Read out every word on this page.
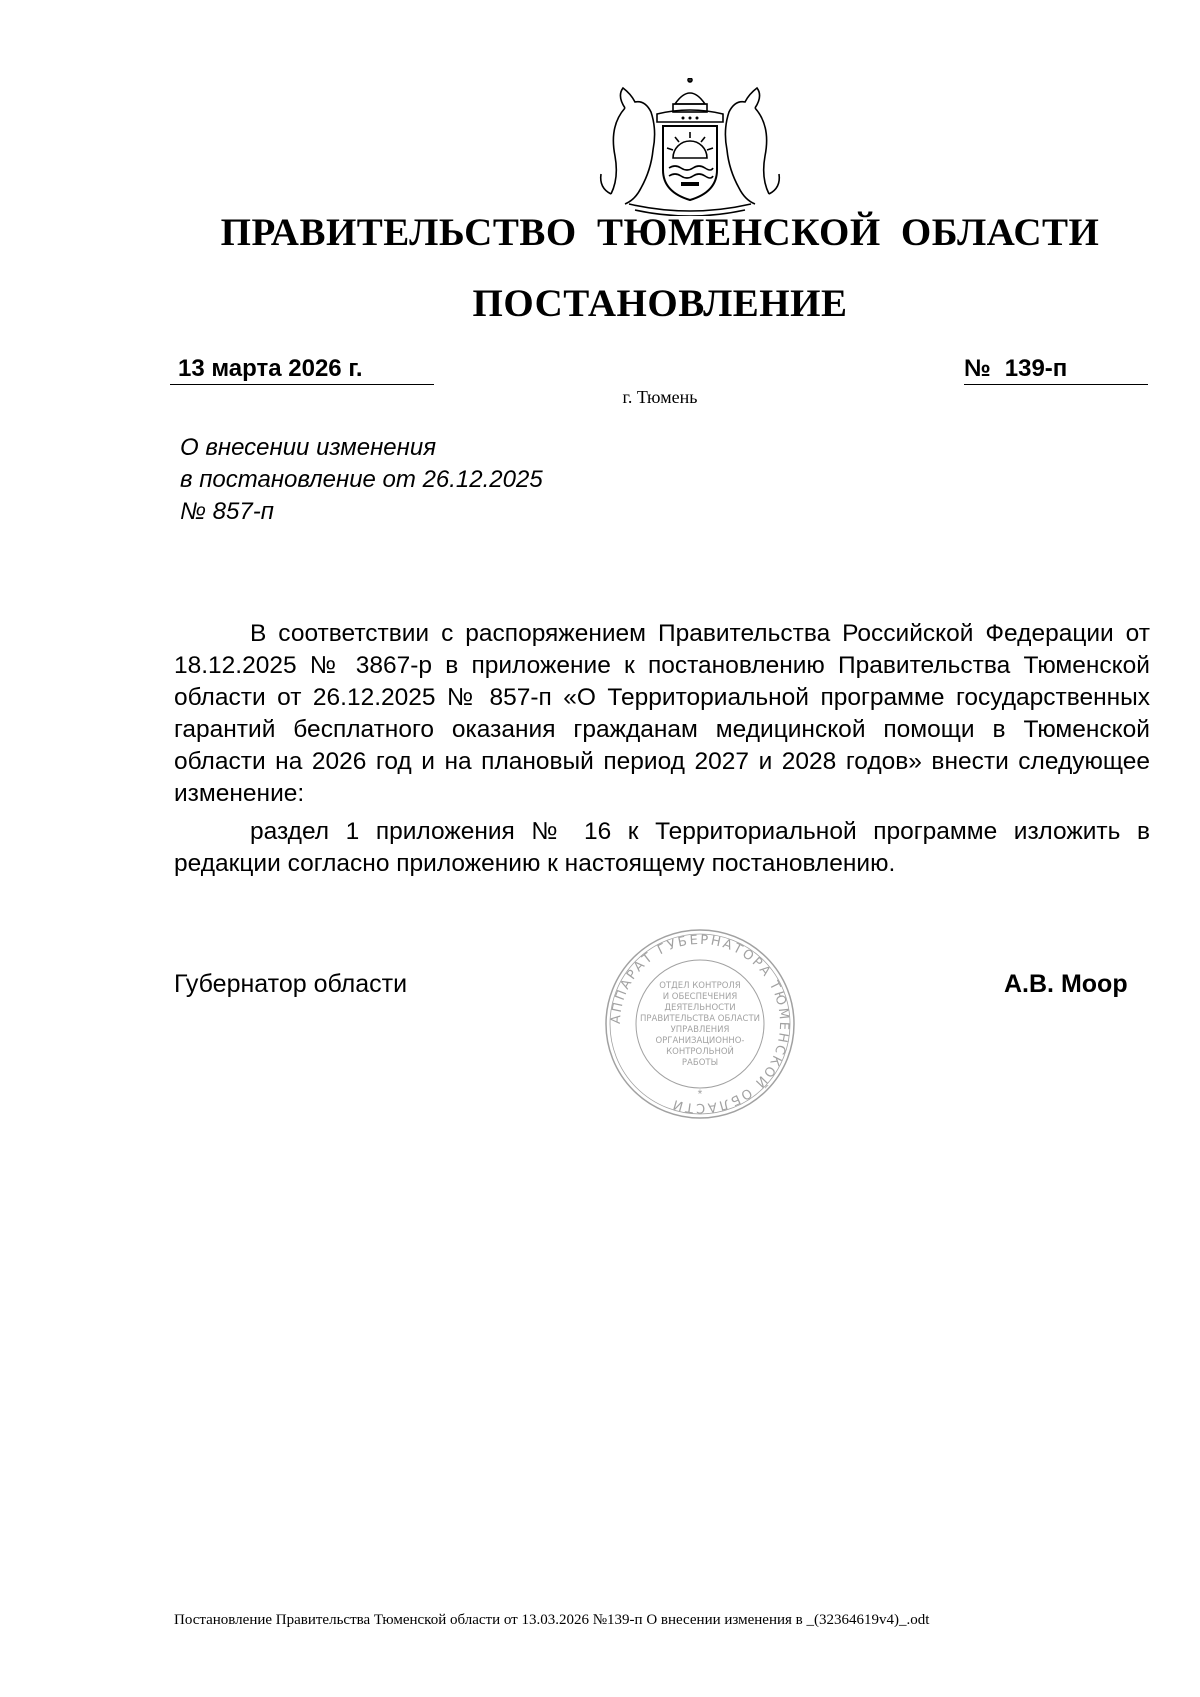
ПРАВИТЕЛЬСТВО ТЮМЕНСКОЙ ОБЛАСТИ
ПОСТАНОВЛЕНИЕ
13 марта 2026 г.	№ 139-п
г. Тюмень
О внесении изменения
в постановление от 26.12.2025
№ 857-п

В соответствии с распоряжением Правительства Российской Федерации от 18.12.2025 № 3867-р в приложение к постановлению Правительства Тюменской области от 26.12.2025 № 857-п «О Территориальной программе государственных гарантий бесплатного оказания гражданам медицинской помощи в Тюменской области на 2026 год и на плановый период 2027 и 2028 годов» внести следующее изменение:

раздел 1 приложения № 16 к Территориальной программе изложить в редакции согласно приложению к настоящему постановлению.

Губернатор области
АППАРАТ ГУБЕРНАТОРА ТЮМЕНСКОЙ ОБЛАСТИ
*
ОТДЕЛ КОНТРОЛЯ
И ОБЕСПЕЧЕНИЯ
ДЕЯТЕЛЬНОСТИ
ПРАВИТЕЛЬСТВА ОБЛАСТИ
УПРАВЛЕНИЯ
ОРГАНИЗАЦИОННО-
КОНТРОЛЬНОЙ
РАБОТЫ
А.В. Моор
Постановление Правительства Тюменской области от 13.03.2026 №139-п О внесении изменения в _(32364619v4)_.odt
